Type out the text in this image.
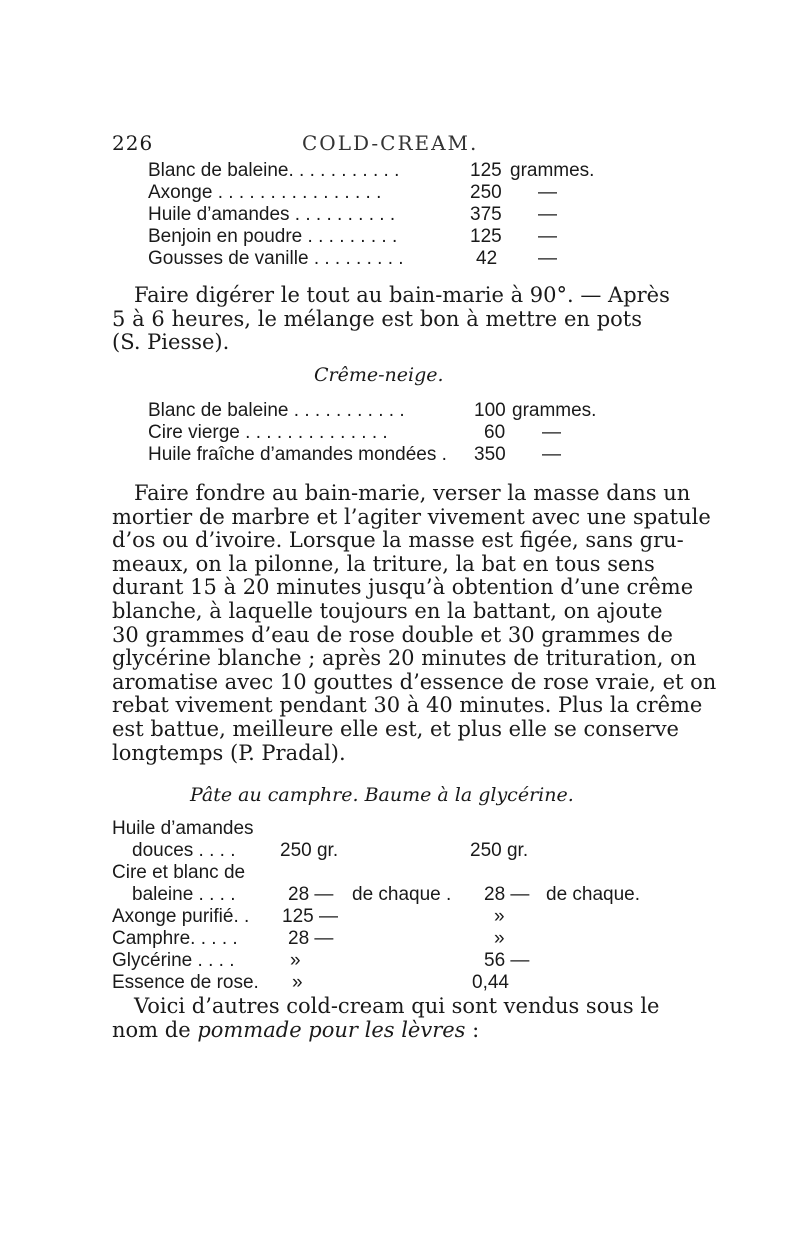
226	COLD-CREAM.
Blanc de baleine. . . . . . . . . . .	125 grammes.
Axonge . . . . . . . . . . . . . . . .	250 —
Huile d’amandes . . . . . . . . . .	375 —
Benjoin en poudre . . . . . . . . .	125 —
Gousses de vanille . . . . . . . . .	42 —
Faire digérer le tout au bain-marie à 90°. — Après
5 à 6 heures, le mélange est bon à mettre en pots
(S. Piesse).
Crême-neige.
Blanc de baleine . . . . . . . . . . .	100 grammes.
Cire vierge . . . . . . . . . . . . . .	60 —
Huile fraîche d’amandes mondées . 350 —
Faire fondre au bain-marie, verser la masse dans un
mortier de marbre et l’agiter vivement avec une spatule
d’os ou d’ivoire. Lorsque la masse est figée, sans gru-
meaux, on la pilonne, la triture, la bat en tous sens
durant 15 à 20 minutes jusqu’à obtention d’une crême
blanche, à laquelle toujours en la battant, on ajoute
30 grammes d’eau de rose double et 30 grammes de
glycérine blanche ; après 20 minutes de trituration, on
aromatise avec 10 gouttes d’essence de rose vraie, et on
rebat vivement pendant 30 à 40 minutes. Plus la crême
est battue, meilleure elle est, et plus elle se conserve
longtemps (P. Pradal).
Pâte au camphre. Baume à la glycérine.
Huile d’amandes
douces . . . . 250 gr.	250 gr.
Cire et blanc de
baleine . . . .	28 — de chaque . 28 — de chaque.
Axonge purifié. . 125 —	»
Camphre. . . . .	28 —	»
Glycérine . . . .	»	56 —
Essence de rose. »	0,44
Voici d’autres cold-cream qui sont vendus sous le
nom de pommade pour les lèvres :
